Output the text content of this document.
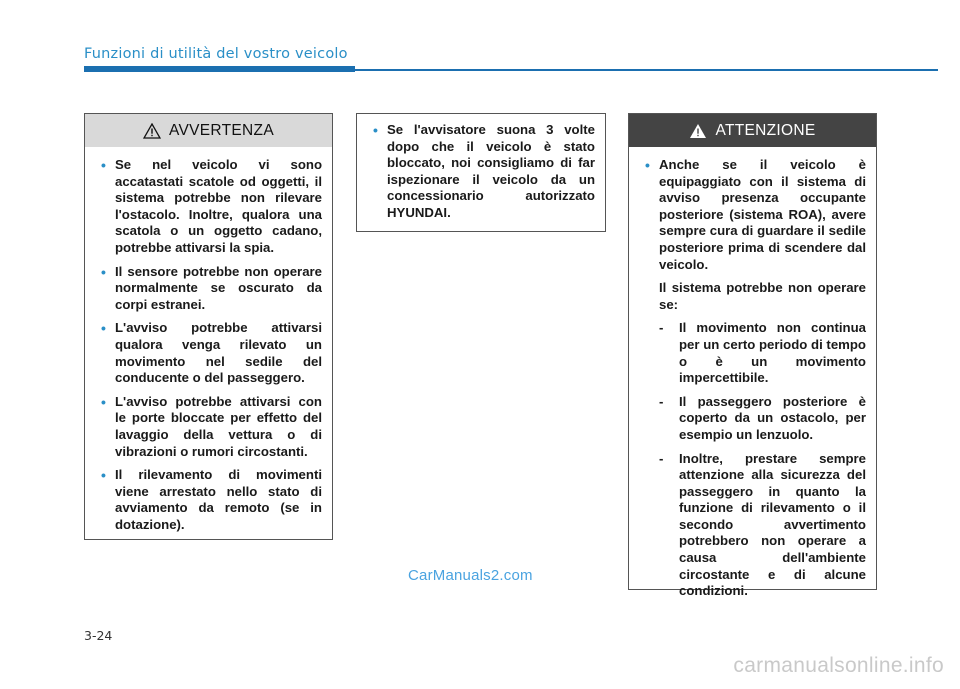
Funzioni di utilità del vostro veicolo
AVVERTENZA
• Se nel veicolo vi sono accatastati scatole od oggetti, il sistema potrebbe non rilevare l'ostacolo. Inoltre, qualora una scatola o un oggetto cadano, potrebbe attivarsi la spia.
• Il sensore potrebbe non operare normalmente se oscurato da corpi estranei.
• L'avviso potrebbe attivarsi qualora venga rilevato un movimento nel sedile del conducente o del passeggero.
• L'avviso potrebbe attivarsi con le porte bloccate per effetto del lavaggio della vettura o di vibrazioni o rumori circostanti.
• Il rilevamento di movimenti viene arrestato nello stato di avviamento da remoto (se in dotazione).
• Se l'avvisatore suona 3 volte dopo che il veicolo è stato bloccato, noi consigliamo di far ispezionare il veicolo da un concessionario autorizzato HYUNDAI.
ATTENZIONE
• Anche se il veicolo è equipaggiato con il sistema di avviso presenza occupante posteriore (sistema ROA), avere sempre cura di guardare il sedile posteriore prima di scendere dal veicolo.
Il sistema potrebbe non operare se:
- Il movimento non continua per un certo periodo di tempo o è un movimento impercettibile.
- Il passeggero posteriore è coperto da un ostacolo, per esempio un lenzuolo.
- Inoltre, prestare sempre attenzione alla sicurezza del passeggero in quanto la funzione di rilevamento o il secondo avvertimento potrebbero non operare a causa dell'ambiente circostante e di alcune condizioni.
CarManuals2.com
3-24
carmanualsonline.info
